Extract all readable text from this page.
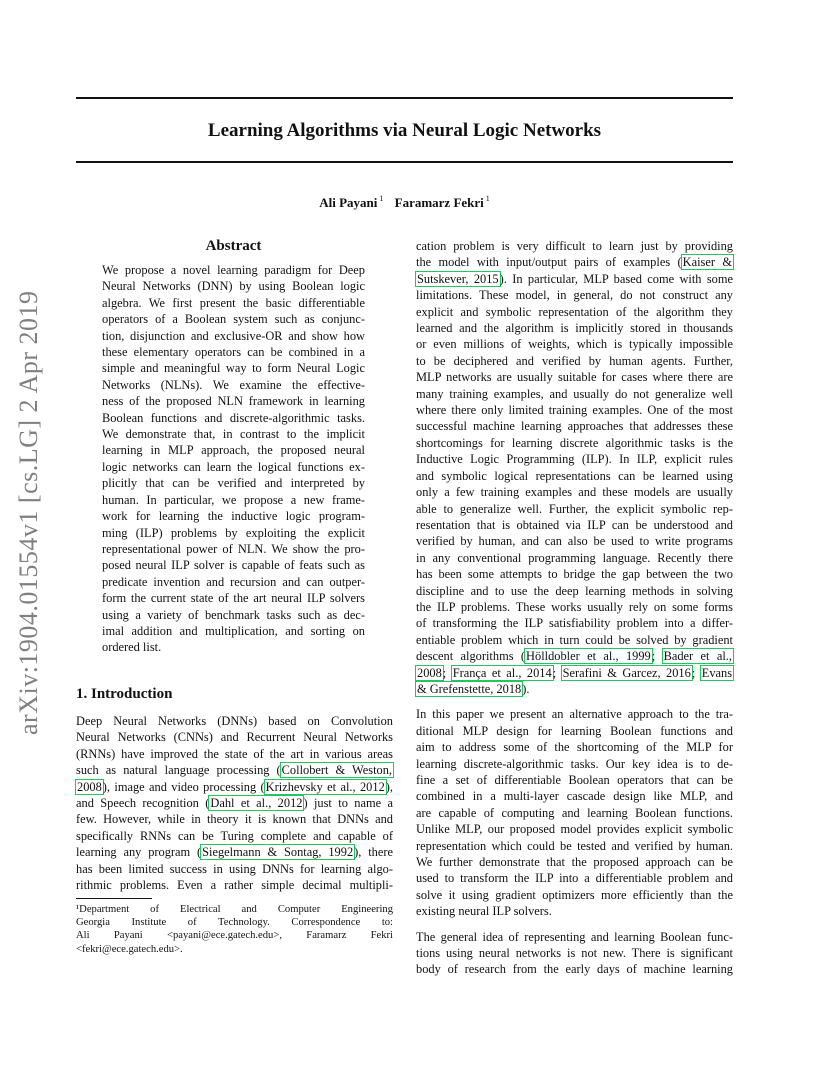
Learning Algorithms via Neural Logic Networks
Ali Payani $^1$ Faramarz Fekri $^1$
arXiv:1904.01554v1 [cs.LG] 2 Apr 2019
Abstract
We propose a novel learning paradigm for Deep
Neural Networks (DNN) by using Boolean logic
algebra. We first present the basic differentiable
operators of a Boolean system such as conjunc-
tion, disjunction and exclusive-OR and show how
these elementary operators can be combined in a
simple and meaningful way to form Neural Logic
Networks (NLNs). We examine the effective-
ness of the proposed NLN framework in learning
Boolean functions and discrete-algorithmic tasks.
We demonstrate that, in contrast to the implicit
learning in MLP approach, the proposed neural
logic networks can learn the logical functions ex-
plicitly that can be verified and interpreted by
human. In particular, we propose a new frame-
work for learning the inductive logic program-
ming (ILP) problems by exploiting the explicit
representational power of NLN. We show the pro-
posed neural ILP solver is capable of feats such as
predicate invention and recursion and can outper-
form the current state of the art neural ILP solvers
using a variety of benchmark tasks such as dec-
imal addition and multiplication, and sorting on
ordered list.
1. Introduction
Deep Neural Networks (DNNs) based on Convolution
Neural Networks (CNNs) and Recurrent Neural Networks
(RNNs) have improved the state of the art in various areas
such as natural language processing (Collobert & Weston,
2008), image and video processing (Krizhevsky et al., 2012),
and Speech recognition (Dahl et al., 2012) just to name a
few. However, while in theory it is known that DNNs and
specifically RNNs can be Turing complete and capable of
learning any program (Siegelmann & Sontag, 1992), there
has been limited success in using DNNs for learning algo-
rithmic problems. Even a rather simple decimal multipli-
¹Department of Electrical and Computer Engineering
Georgia Institute of Technology. Correspondence to:
Ali Payani <payani@ece.gatech.edu>, Faramarz Fekri
<fekri@ece.gatech.edu>.
cation problem is very difficult to learn just by providing
the model with input/output pairs of examples (Kaiser &
Sutskever, 2015). In particular, MLP based come with some
limitations. These model, in general, do not construct any
explicit and symbolic representation of the algorithm they
learned and the algorithm is implicitly stored in thousands
or even millions of weights, which is typically impossible
to be deciphered and verified by human agents. Further,
MLP networks are usually suitable for cases where there are
many training examples, and usually do not generalize well
where there only limited training examples. One of the most
successful machine learning approaches that addresses these
shortcomings for learning discrete algorithmic tasks is the
Inductive Logic Programming (ILP). In ILP, explicit rules
and symbolic logical representations can be learned using
only a few training examples and these models are usually
able to generalize well. Further, the explicit symbolic rep-
resentation that is obtained via ILP can be understood and
verified by human, and can also be used to write programs
in any conventional programming language. Recently there
has been some attempts to bridge the gap between the two
discipline and to use the deep learning methods in solving
the ILP problems. These works usually rely on some forms
of transforming the ILP satisfiability problem into a differ-
entiable problem which in turn could be solved by gradient
descent algorithms (Hölldobler et al., 1999; Bader et al.,
2008; França et al., 2014; Serafini & Garcez, 2016; Evans
& Grefenstette, 2018).
In this paper we present an alternative approach to the tra-
ditional MLP design for learning Boolean functions and
aim to address some of the shortcoming of the MLP for
learning discrete-algorithmic tasks. Our key idea is to de-
fine a set of differentiable Boolean operators that can be
combined in a multi-layer cascade design like MLP, and
are capable of computing and learning Boolean functions.
Unlike MLP, our proposed model provides explicit symbolic
representation which could be tested and verified by human.
We further demonstrate that the proposed approach can be
used to transform the ILP into a differentiable problem and
solve it using gradient optimizers more efficiently than the
existing neural ILP solvers.
The general idea of representing and learning Boolean func-
tions using neural networks is not new. There is significant
body of research from the early days of machine learning
